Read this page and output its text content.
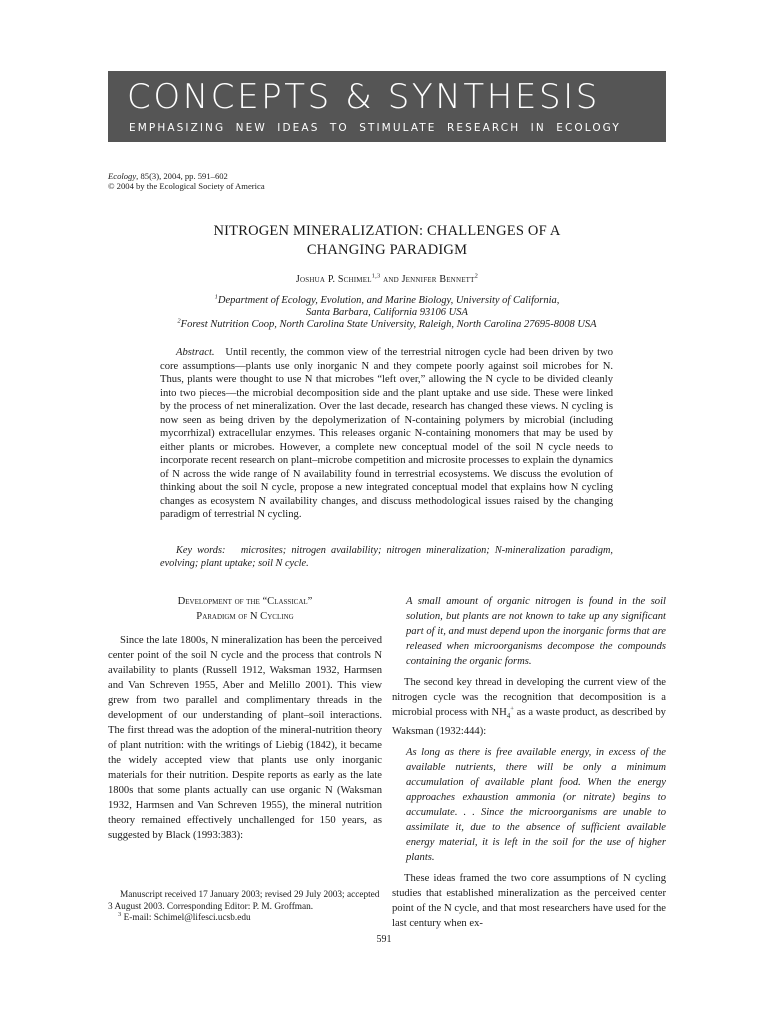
CONCEPTS & SYNTHESIS
EMPHASIZING NEW IDEAS TO STIMULATE RESEARCH IN ECOLOGY
Ecology, 85(3), 2004, pp. 591–602
© 2004 by the Ecological Society of America
NITROGEN MINERALIZATION: CHALLENGES OF A
CHANGING PARADIGM
Joshua P. Schimel$^{1,3}$ and Jennifer Bennett$^2$
$^1$Department of Ecology, Evolution, and Marine Biology, University of California,
Santa Barbara, California 93106 USA
$^2$Forest Nutrition Coop, North Carolina State University, Raleigh, North Carolina 27695-8008 USA

Abstract. Until recently, the common view of the terrestrial nitrogen cycle had been driven by two core assumptions—plants use only inorganic N and they compete poorly against soil microbes for N. Thus, plants were thought to use N that microbes “left over,” allowing the N cycle to be divided cleanly into two pieces—the microbial decomposition side and the plant uptake and use side. These were linked by the process of net mineralization. Over the last decade, research has changed these views. N cycling is now seen as being driven by the depolymerization of N-containing polymers by microbial (including mycorrhizal) extracellular enzymes. This releases organic N-containing monomers that may be used by either plants or microbes. However, a complete new conceptual model of the soil N cycle needs to incorporate recent research on plant–microbe competition and microsite processes to explain the dynamics of N across the wide range of N availability found in terrestrial ecosystems. We discuss the evolution of thinking about the soil N cycle, propose a new integrated conceptual model that explains how N cycling changes as ecosystem N availability changes, and discuss methodological issues raised by the changing paradigm of terrestrial N cycling.

Key words: microsites; nitrogen availability; nitrogen mineralization; N-mineralization paradigm, evolving; plant uptake; soil N cycle.

Development of the “Classical”
Paradigm of N Cycling

Since the late 1800s, N mineralization has been the perceived center point of the soil N cycle and the process that controls N availability to plants (Russell 1912, Waksman 1932, Harmsen and Van Schreven 1955, Aber and Melillo 2001). This view grew from two parallel and complimentary threads in the development of our understanding of plant–soil interactions. The first thread was the adoption of the mineral-nutrition theory of plant nutrition: with the writings of Liebig (1842), it became the widely accepted view that plants use only inorganic materials for their nutrition. Despite reports as early as the late 1800s that some plants actually can use organic N (Waksman 1932, Harmsen and Van Schreven 1955), the mineral nutrition theory remained effectively unchallenged for 150 years, as suggested by Black (1993:383):

A small amount of organic nitrogen is found in the soil solution, but plants are not known to take up any significant part of it, and must depend upon the inorganic forms that are released when microorganisms decompose the compounds containing the organic forms.

The second key thread in developing the current view of the nitrogen cycle was the recognition that decomposition is a microbial process with $NH_4^+$ as a waste product, as described by Waksman (1932:444):

As long as there is free available energy, in excess of the available nutrients, there will be only a minimum accumulation of available plant food. When the energy approaches exhaustion ammonia (or nitrate) begins to accumulate. . . Since the microorganisms are unable to assimilate it, due to the absence of sufficient available energy material, it is left in the soil for the use of higher plants.

These ideas framed the two core assumptions of N cycling studies that established mineralization as the perceived center point of the N cycle, and that most researchers have used for the last century when ex-

Manuscript received 17 January 2003; revised 29 July 2003; accepted 3 August 2003. Corresponding Editor: P. M. Groffman.

$^3$ E-mail: Schimel@lifesci.ucsb.edu

591
